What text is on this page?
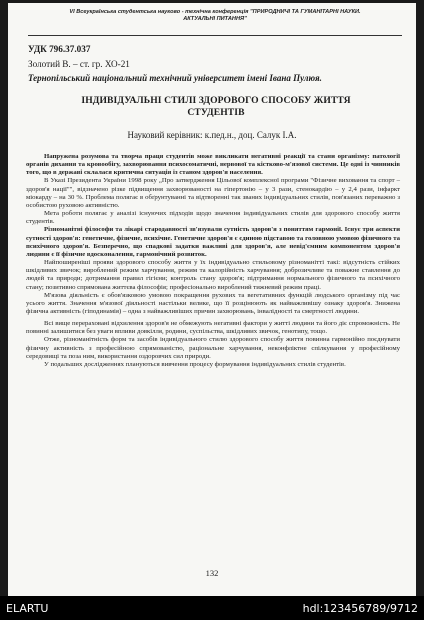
VI Всеукраїнська студентська науково - технічна конференція "ПРИРОДНИЧІ ТА ГУМАНІТАРНІ НАУКИ.
АКТУАЛЬНІ ПИТАННЯ"
УДК 796.37.037
Золотий В. – ст. гр. ХО-21
Тернопільський національний технічний університет імені Івана Пулюя.
ІНДИВІДУАЛЬНІ СТИЛІ ЗДОРОВОГО СПОСОБУ ЖИТТЯ СТУДЕНТІВ
Науковий керівник: к.пед.н., доц. Салук І.А.

Напружена розумова та творча праця студентів може викликати негативні реакції та стани організму: патології органів дихання та кровообігу, захворювання психосоматичні, нервової та кістково-м'язової системи. Це одні із чинників того, що в державі склалася критична ситуація із станом здоров'я населення.

В Указі Президента України 1998 року „Про затвердження Цільової комплексної програми "Фізичне виховання та спорт – здоров'я нації"", відзначено різке підвищення захворюваності на гіпертонію – у 3 рази, стенокардію – у 2,4 рази, інфаркт міокарду – на 30 %. Проблема полягає в обґрунтуванні та відтворенні так званих індивідуальних стилів, пов'язаних переважно з особистою руховою активністю.

Мета роботи полягає у аналізі існуючих підходів щодо значення індивідуальних стилів для здорового способу життя студентів.

Різноманітні філософи та лікарі стародавності зв'язували сутність здоров'я з поняттям гармонії. Існує три аспекти сутності здоров'я: генетичне, фізичне, психічне. Генетичне здоров'я є єдиною підставою та головною умовою фізичного та психічного здоров'я. Безперечно, що спадкові задатки важливі для здоров'я, але невід'ємним компонентом здоров'я людини є її фізичне вдосконалення, гармонічний розвиток.

Найпоширеніші прояви здорового способу життя у їх індивідуально стильовому різноманітті такі: відсутність стійких шкідливих звичок; вироблений режим харчування, режим та калорійність харчування; доброзичливе та поважне ставлення до людей та природи; дотримання правил гігієни; контроль стану здоров'я; підтримання нормального фізичного та психічного стану; позитивно спрямована життєва філософія; професіонально вироблений тижневий режим праці.

М'язова діяльність є обов'язковою умовою покращення рухових та вегетативних функцій людського організму під час усього життя. Значення м'язової діяльності настільки велике, що її розцінюють як найважливішу ознаку здоров'я. Знижена фізична активність (гіподинамія) – одна з найважливіших причин захворювань, інвалідності та смертності людини.

Всі вище перераховані відхилення здоров'я не обмежують негативні фактори у житті людини та його діє спроможність. Не повинні залишитися без уваги впливи довкілля, родини, суспільства, шкідливих звичок, генотипу, тощо.

Отже, різноманітність форм та засобів індивідуального стилю здорового способу життя повинна гармонійно поєднувати фізичну активність з професійною спрямованістю, раціональне харчування, неконфліктне спілкування у професійному середовищі та поза ним, використання оздоровчих сил природи.

У подальших дослідженнях плануються вивчення процесу формування індивідуальних стилів студентів.

132
ELARTU	hdl:123456789/9712
